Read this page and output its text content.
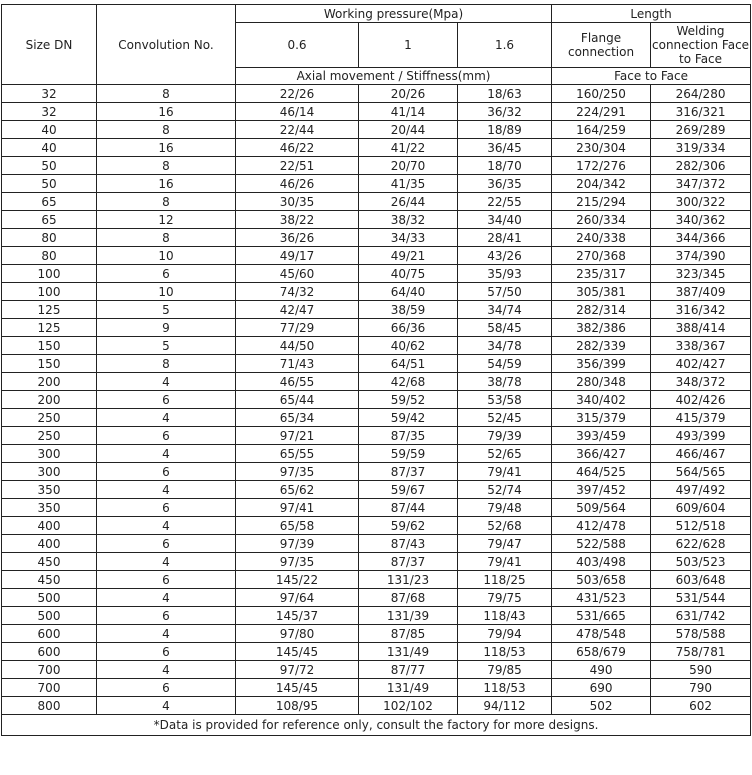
Size DN	Convolution No.	Working pressure(Mpa)			Length	
		0.6	1	1.6	Flange connection	Welding connection Face to Face
		Axial movement / Stiffness(mm)			Face to Face	
32	8	22/26	20/26	18/63	160/250	264/280
32	16	46/14	41/14	36/32	224/291	316/321
40	8	22/44	20/44	18/89	164/259	269/289
40	16	46/22	41/22	36/45	230/304	319/334
50	8	22/51	20/70	18/70	172/276	282/306
50	16	46/26	41/35	36/35	204/342	347/372
65	8	30/35	26/44	22/55	215/294	300/322
65	12	38/22	38/32	34/40	260/334	340/362
80	8	36/26	34/33	28/41	240/338	344/366
80	10	49/17	49/21	43/26	270/368	374/390
100	6	45/60	40/75	35/93	235/317	323/345
100	10	74/32	64/40	57/50	305/381	387/409
125	5	42/47	38/59	34/74	282/314	316/342
125	9	77/29	66/36	58/45	382/386	388/414
150	5	44/50	40/62	34/78	282/339	338/367
150	8	71/43	64/51	54/59	356/399	402/427
200	4	46/55	42/68	38/78	280/348	348/372
200	6	65/44	59/52	53/58	340/402	402/426
250	4	65/34	59/42	52/45	315/379	415/379
250	6	97/21	87/35	79/39	393/459	493/399
300	4	65/55	59/59	52/65	366/427	466/467
300	6	97/35	87/37	79/41	464/525	564/565
350	4	65/62	59/67	52/74	397/452	497/492
350	6	97/41	87/44	79/48	509/564	609/604
400	4	65/58	59/62	52/68	412/478	512/518
400	6	97/39	87/43	79/47	522/588	622/628
450	4	97/35	87/37	79/41	403/498	503/523
450	6	145/22	131/23	118/25	503/658	603/648
500	4	97/64	87/68	79/75	431/523	531/544
500	6	145/37	131/39	118/43	531/665	631/742
600	4	97/80	87/85	79/94	478/548	578/588
600	6	145/45	131/49	118/53	658/679	758/781
700	4	97/72	87/77	79/85	490	590
700	6	145/45	131/49	118/53	690	790
800	4	108/95	102/102	94/112	502	602
*Data is provided for reference only, consult the factory for more designs.						
